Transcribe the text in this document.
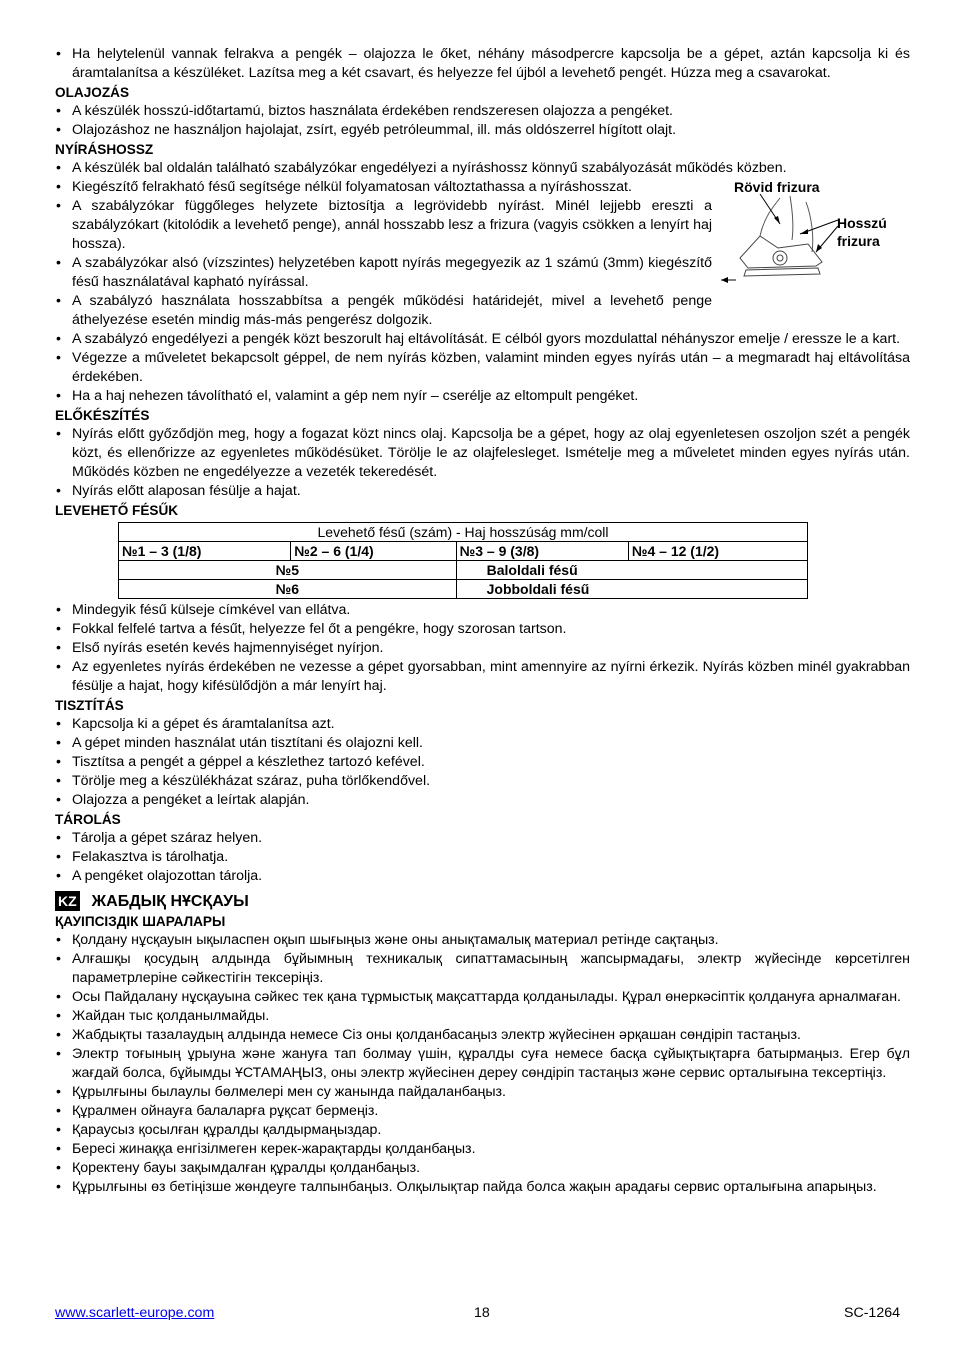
• Ha helytelenül vannak felrakva a pengék – olajozza le őket, néhány másodpercre kapcsolja be a gépet, aztán kapcsolja ki és áramtalanítsa a készüléket. Lazítsa meg a két csavart, és helyezze fel újból a levehető pengét. Húzza meg a csavarokat.
OLAJOZÁS
• A készülék hosszú-időtartamú, biztos használata érdekében rendszeresen olajozza a pengéket.
• Olajozáshoz ne használjon hajolajat, zsírt, egyéb petróleummal, ill. más oldószerrel hígított olajt.
NYÍRÁSHOSSZ
• A készülék bal oldalán található szabályzókar engedélyezi a nyíráshossz könnyű szabályozását működés közben.
Rövid frizura
Hosszú
frizura
• Kiegészítő felrakható fésű segítsége nélkül folyamatosan változtathassa a nyíráshosszat.
• A szabályzókar függőleges helyzete biztosítja a legrövidebb nyírást. Minél lejjebb ereszti a szabályzókart (kitolódik a levehető penge), annál hosszabb lesz a frizura (vagyis csökken a lenyírt haj hossza).
• A szabályzókar alsó (vízszintes) helyzetében kapott nyírás megegyezik az 1 számú (3mm) kiegészítő fésű használatával kapható nyírással.
• A szabályzó használata hosszabbítsa a pengék működési határidejét, mivel a levehető penge áthelyezése esetén mindig más-más pengerész dolgozik.
• A szabályzó engedélyezi a pengék közt beszorult haj eltávolítását. E célból gyors mozdulattal néhányszor emelje / eressze le a kart.
• Végezze a műveletet bekapcsolt géppel, de nem nyírás közben, valamint minden egyes nyírás után – a megmaradt haj eltávolítása érdekében.
• Ha a haj nehezen távolítható el, valamint a gép nem nyír – cserélje az eltompult pengéket.
ELŐKÉSZÍTÉS
• Nyírás előtt győződjön meg, hogy a fogazat közt nincs olaj. Kapcsolja be a gépet, hogy az olaj egyenletesen oszoljon szét a pengék közt, és ellenőrizze az egyenletes működésüket. Törölje le az olajfelesleget. Ismételje meg a műveletet minden egyes nyírás után. Működés közben ne engedélyezze a vezeték tekeredését.
• Nyírás előtt alaposan fésülje a hajat.
LEVEHETŐ FÉSŰK
Levehető fésű (szám) - Haj hosszúság mm/coll			
№1 – 3 (1/8)	№2 – 6 (1/4)	№3 – 9 (3/8)	№4 – 12 (1/2)
№5		Baloldali fésű	
№6		Jobboldali fésű	
• Mindegyik fésű külseje címkével van ellátva.
• Fokkal felfelé tartva a fésűt, helyezze fel őt a pengékre, hogy szorosan tartson.
• Első nyírás esetén kevés hajmennyiséget nyírjon.
• Az egyenletes nyírás érdekében ne vezesse a gépet gyorsabban, mint amennyire az nyírni érkezik. Nyírás közben minél gyakrabban fésülje a hajat, hogy kifésülődjön a már lenyírt haj.
TISZTÍTÁS
• Kapcsolja ki a gépet és áramtalanítsa azt.
• A gépet minden használat után tisztítani és olajozni kell.
• Tisztítsa a pengét a géppel a készlethez tartozó kefével.
• Törölje meg a készülékházat száraz, puha törlőkendővel.
• Olajozza a pengéket a leírtak alapján.
TÁROLÁS
• Tárolja a gépet száraz helyen.
• Felakasztva is tárolhatja.
• A pengéket olajozottan tárolja.
KZ ЖАБДЫҚ НҰСҚАУЫ
ҚАУІПСІЗДІК ШАРАЛАРЫ
• Қолдану нұсқауын ықыласпен оқып шығыңыз және оны анықтамалық материал ретінде сақтаңыз.
• Алғашқы қосудың алдында бұйымның техникалық сипаттамасының жапсырмадағы, электр жүйесінде көрсетілген параметрлеріне сәйкестігін тексеріңіз.
• Осы Пайдалану нұсқауына сәйкес тек қана тұрмыстық мақсаттарда қолданылады. Құрал өнеркәсіптік қолдануға арналмаған.
• Жайдан тыс қолданылмайды.
• Жабдықты тазалаудың алдында немесе Сіз оны қолданбасаңыз электр жүйесінен әрқашан сөндіріп тастаңыз.
• Электр тоғының ұрыуна және жануға тап болмау үшін, құралды суға немесе басқа сұйықтықтарға батырмаңыз. Егер бұл жағдай болса, бұйымды ҰСТАМАҢЫЗ, оны электр жүйесінен дереу сөндіріп тастаңыз және сервис орталығына тексертіңіз.
• Құрылғыны былаулы бөлмелері мен су жанында пайдаланбаңыз.
• Құралмен ойнауға балаларға рұқсат бермеңіз.
• Қараусыз қосылған құралды қалдырмаңыздар.
• Бересі жинаққа енгізілмеген керек-жарақтарды қолданбаңыз.
• Қоректену бауы зақымдалған құралды қолданбаңыз.
• Құрылғыны өз бетіңізше жөндеуге талпынбаңыз. Олқылықтар пайда болса жақын арадағы сервис орталығына апарыңыз.
www.scarlett-europe.com	18	SC-1264
